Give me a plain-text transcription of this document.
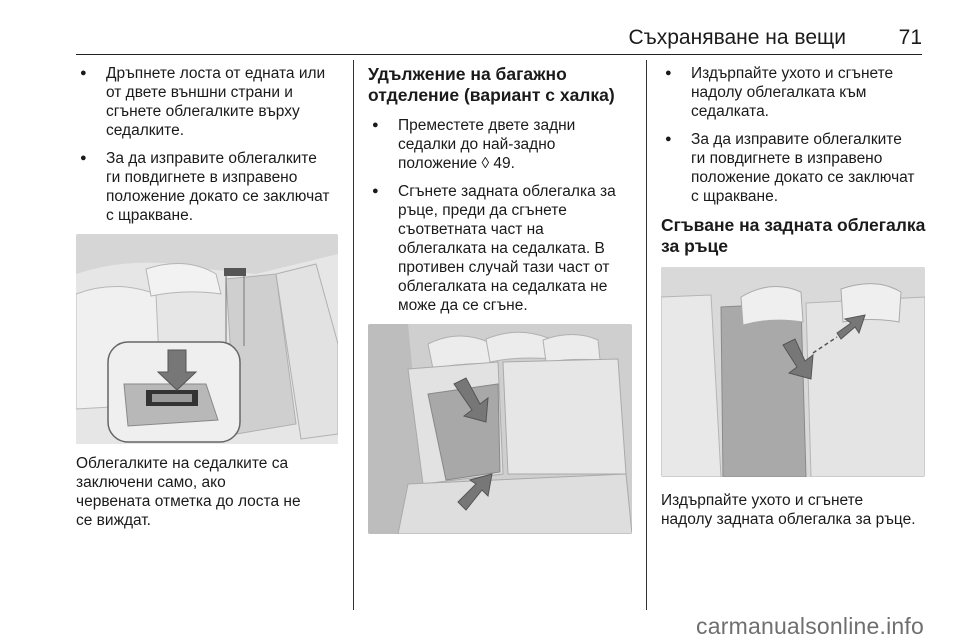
Съхраняване на вещи	71
● Дръпнете лоста от едната или
от двете външни страни и
сгънете облегалките върху
седалките.
● За да изправите облегалките
ги повдигнете в изправено
положение докато се заключат
с щракване.
Облегалките на седалките са
заключени само, ако
червената отметка до лоста не
се виждат.
Удължение на багажно
отделение (вариант с халка)
● Преместете двете задни
седалки до най-задно
положение ◊ 49.
● Сгънете задната облегалка за
ръце, преди да сгънете
съответната част на
облегалката на седалката. В
противен случай тази част от
облегалката на седалката не
може да се сгъне.
● Издърпайте ухото и сгънете
надолу облегалката към
седалката.
● За да изправите облегалките
ги повдигнете в изправено
положение докато се заключат
с щракване.
Сгъване на задната облегалка
за ръце
Издърпайте ухото и сгънете
надолу задната облегалка за ръце.
carmanualsonline.info
